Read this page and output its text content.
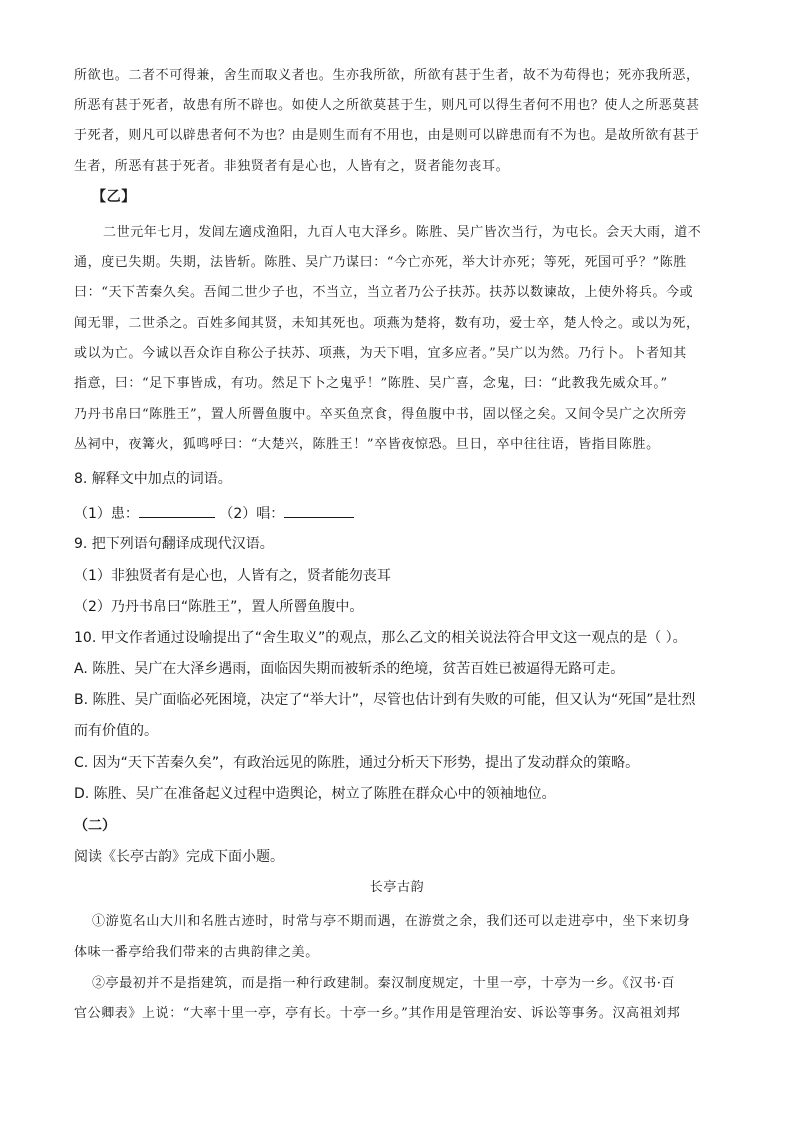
所欲也。二者不可得兼，舍生而取义者也。生亦我所欲，所欲有甚于生者，故不为苟得也；死亦我所恶，
所恶有甚于死者，故患有所不辟也。如使人之所欲莫甚于生，则凡可以得生者何不用也？使人之所恶莫甚
于死者，则凡可以辟患者何不为也？由是则生而有不用也，由是则可以辟患而有不为也。是故所欲有甚于
生者，所恶有甚于死者。非独贤者有是心也，人皆有之，贤者能勿丧耳。
【乙】
二世元年七月，发闾左適戍渔阳，九百人屯大泽乡。陈胜、吴广皆次当行，为屯长。会天大雨，道不
通，度已失期。失期，法皆斩。陈胜、吴广乃谋曰：“今亡亦死，举大计亦死；等死，死国可乎？”陈胜
曰：“天下苦秦久矣。吾闻二世少子也，不当立，当立者乃公子扶苏。扶苏以数谏故，上使外将兵。今或
闻无罪，二世杀之。百姓多闻其贤，未知其死也。项燕为楚将，数有功，爱士卒，楚人怜之。或以为死，
或以为亡。今诚以吾众诈自称公子扶苏、项燕，为天下唱，宜多应者。”吴广以为然。乃行卜。卜者知其
指意，曰：“足下事皆成，有功。然足下卜之鬼乎！”陈胜、吴广喜，念鬼，曰：“此教我先威众耳。”
乃丹书帛曰“陈胜王”，置人所罾鱼腹中。卒买鱼烹食，得鱼腹中书，固以怪之矣。又间令吴广之次所旁
丛祠中，夜篝火，狐鸣呼曰：“大楚兴，陈胜王！”卒皆夜惊恐。旦日，卒中往往语，皆指目陈胜。
8. 解释文中加点的词语。
（1）患：	（2）唱：
9. 把下列语句翻译成现代汉语。
（1）非独贤者有是心也，人皆有之，贤者能勿丧耳
（2）乃丹书帛曰“陈胜王”，置人所罾鱼腹中。
10. 甲文作者通过设喻提出了“舍生取义”的观点，那么乙文的相关说法符合甲文这一观点的是（ ）。
A. 陈胜、吴广在大泽乡遇雨，面临因失期而被斩杀的绝境，贫苦百姓已被逼得无路可走。
B. 陈胜、吴广面临必死困境，决定了“举大计”，尽管也估计到有失败的可能，但又认为“死国”是壮烈
而有价值的。
C. 因为“天下苦秦久矣”，有政治远见的陈胜，通过分析天下形势，提出了发动群众的策略。
D. 陈胜、吴广在准备起义过程中造舆论，树立了陈胜在群众心中的领袖地位。
（二）
阅读《长亭古韵》完成下面小题。
长亭古韵
①游览名山大川和名胜古迹时，时常与亭不期而遇，在游赏之余，我们还可以走进亭中，坐下来切身
体味一番亭给我们带来的古典韵律之美。
②亭最初并不是指建筑，而是指一种行政建制。秦汉制度规定，十里一亭，十亭为一乡。《汉书·百
官公卿表》上说：“大率十里一亭，亭有长。十亭一乡。”其作用是管理治安、诉讼等事务。汉高祖刘邦
